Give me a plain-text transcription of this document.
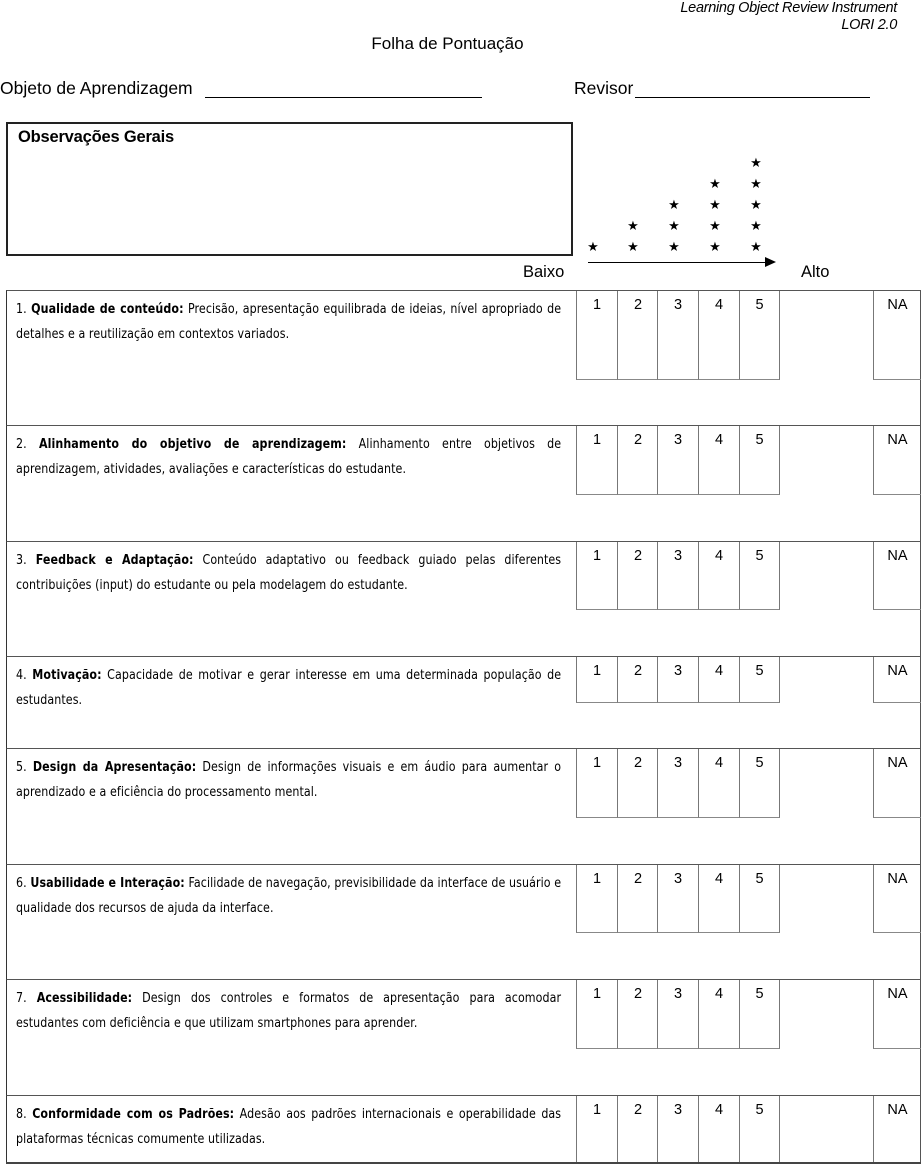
Learning Object Review Instrument
LORI 2.0
Folha de Pontuação
Objeto de Aprendizagem	Revisor
Observações Gerais
★ ★
★
★
★
★
★
★
★
★
★
★
★
★
★
Baixo	Alto
1. Qualidade de conteúdo: Precisão, apresentação equilibrada de ideias, nível apropriado de detalhes e a reutilização em contextos variados.
1	2	3	4	5	NA
2. Alinhamento do objetivo de aprendizagem: Alinhamento entre objetivos de aprendizagem, atividades, avaliações e características do estudante.
1	2	3	4	5	NA
3. Feedback e Adaptação: Conteúdo adaptativo ou feedback guiado pelas diferentes contribuições (input) do estudante ou pela modelagem do estudante.
1	2	3	4	5	NA
4. Motivação: Capacidade de motivar e gerar interesse em uma determinada população de estudantes.
1	2	3	4	5	NA
5. Design da Apresentação: Design de informações visuais e em áudio para aumentar o aprendizado e a eficiência do processamento mental.
1	2	3	4	5	NA
6. Usabilidade e Interação: Facilidade de navegação, previsibilidade da interface de usuário e qualidade dos recursos de ajuda da interface.
1	2	3	4	5	NA
7. Acessibilidade: Design dos controles e formatos de apresentação para acomodar estudantes com deficiência e que utilizam smartphones para aprender.
1	2	3	4	5	NA
8. Conformidade com os Padrões: Adesão aos padrões internacionais e operabilidade das plataformas técnicas comumente utilizadas.
1	2	3	4	5	NA
